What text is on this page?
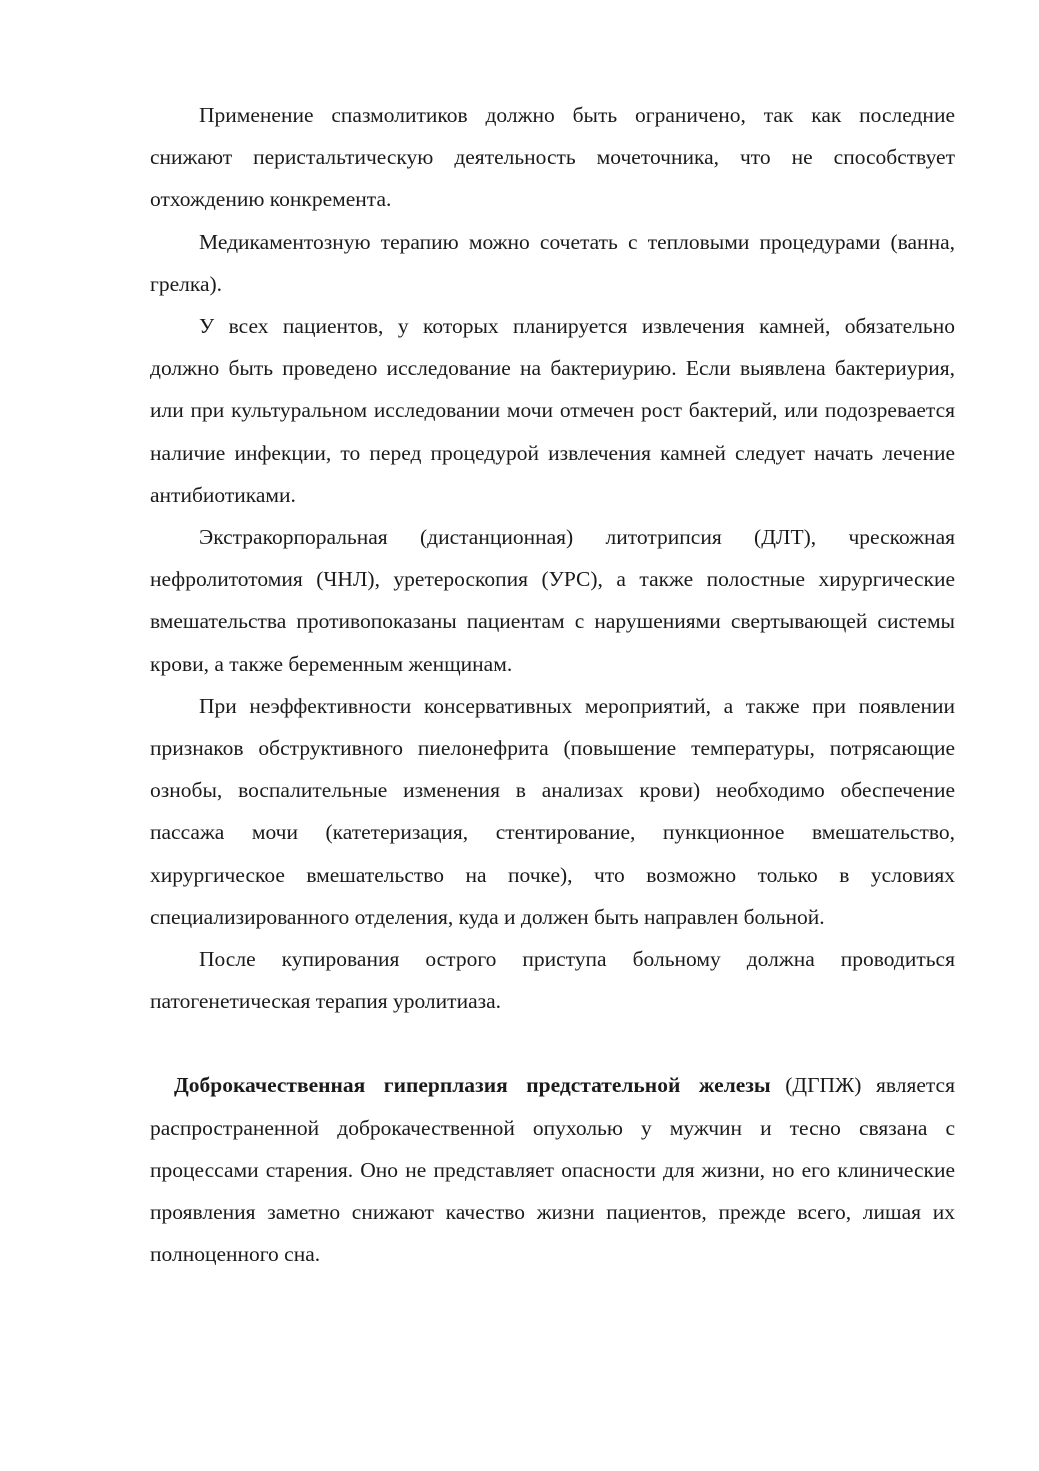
Применение спазмолитиков должно быть ограничено, так как последние снижают перистальтическую деятельность мочеточника, что не способствует отхождению конкремента.

Медикаментозную терапию можно сочетать с тепловыми процедурами (ванна, грелка).

У всех пациентов, у которых планируется извлечения камней, обязательно должно быть проведено исследование на бактериурию. Если выявлена бактериурия, или при культуральном исследовании мочи отмечен рост бактерий, или подозревается наличие инфекции, то перед процедурой извлечения камней следует начать лечение антибиотиками.

Экстракорпоральная (дистанционная) литотрипсия (ДЛТ), чрескожная нефролитотомия (ЧНЛ), уретероскопия (УРС), а также полостные хирургические вмешательства противопоказаны пациентам с нарушениями свертывающей системы крови, а также беременным женщинам.

При неэффективности консервативных мероприятий, а также при появлении признаков обструктивного пиелонефрита (повышение температуры, потрясающие ознобы, воспалительные изменения в анализах крови) необходимо обеспечение пассажа мочи (катетеризация, стентирование, пункционное вмешательство, хирургическое вмешательство на почке), что возможно только в условиях специализированного отделения, куда и должен быть направлен больной.

После купирования острого приступа больному должна проводиться патогенетическая терапия уролитиаза.

Доброкачественная гиперплазия предстательной железы (ДГПЖ) является распространенной доброкачественной опухолью у мужчин и тесно связана с процессами старения. Оно не представляет опасности для жизни, но его клинические проявления заметно снижают качество жизни пациентов, прежде всего, лишая их полноценного сна.
